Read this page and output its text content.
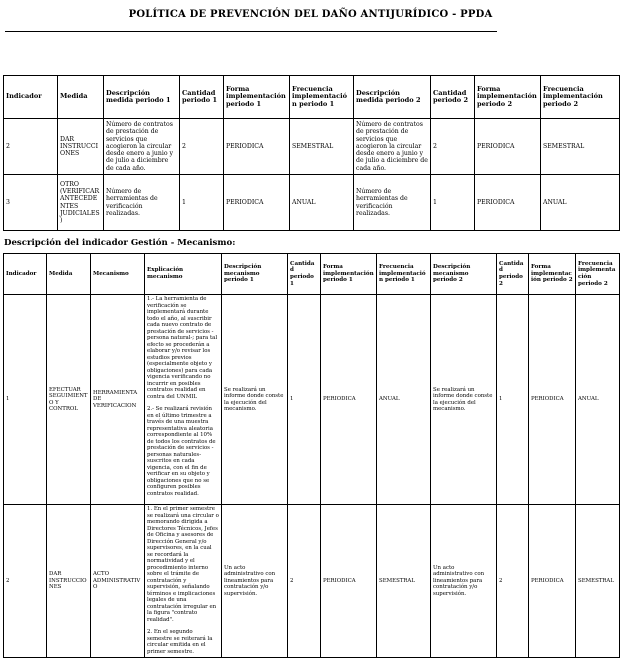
POLÍTICA DE PREVENCIÓN DEL DAÑO ANTIJURÍDICO - PPDA
Indicador	Medida	Descripción medida periodo 1	Cantidad periodo 1	Forma implementación periodo 1	Frecuencia implementación periodo 1	Descripción medida periodo 2	Cantidad periodo 2	Forma implementación periodo 2	Frecuencia implementación periodo 2
2	DAR INSTRUCCIONES	Número de contratos de prestación de servicios que acogieron la circular desde enero a junio y de julio a diciembre de cada año.	2	PERIODICA	SEMESTRAL	Número de contratos de prestación de servicios que acogieron la circular desde enero a junio y de julio a diciembre de cada año.	2	PERIODICA	SEMESTRAL
3	OTRO (VERIFICAR ANTECEDENTES JUDICIALES)	Número de herramientas de verificación realizadas.	1	PERIODICA	ANUAL	Número de herramientas de verificación realizadas.	1	PERIODICA	ANUAL
Descripción del indicador Gestión - Mecanismo:
Indicador	Medida	Mecanismo	Explicación mecanismo	Descripción mecanismo periodo 1	Cantidad periodo 1	Forma implementación periodo 1	Frecuencia implementación periodo 1	Descripción mecanismo periodo 2	Cantidad periodo 2	Forma implementación periodo 2	Frecuencia implementación periodo 2
1	EFECTUAR SEGUIMIENTO Y CONTROL	HERRAMIENTA DE VERIFICACION	1.- La herramienta de verificación se implementará durante todo el año, al suscribir cada nuevo contrato de prestación de servicios - persona natural-; para tal efecto se procederán a elaborar y/o revisar los estudios previos (especialmente objeto y obligaciones) para cada vigencia verificando no incurrir en posibles contratos realidad en contra del UNMIL

2.- Se realizará revisión en el último trimestre a través de una muestra representativa aleatoria correspondiente al 10% de todos los contratos de prestación de servicios - personas naturales- suscritos en cada vigencia, con el fin de verificar en su objeto y obligaciones que no se configuren posibles contratos realidad.	Se realizará un informe donde conste la ejecución del mecanismo.	1	PERIODICA	ANUAL	Se realizará un informe donde conste la ejecución del mecanismo.	1	PERIODICA	ANUAL
2	DAR INSTRUCCIONES	ACTO ADMINISTRATIVO	1. En el primer semestre se realizará una circular o memorando dirigida a Directores Técnicos, Jefes de Oficina y asesores de Dirección General y/o supervisores, en la cual se recordará la normatividad y el procedimiento interno sobre el trámite de contratación y supervisión, señalando términos e implicaciones legales de una contratación irregular en la figura "contrato realidad".

2. En el segundo semestre se reiterará la circular emitida en el primer semestre.	Un acto administrativo con lineamientos para contratación y/o supervisión.	2	PERIODICA	SEMESTRAL	Un acto administrativo con lineamientos para contratación y/o supervisión.	2	PERIODICA	SEMESTRAL
